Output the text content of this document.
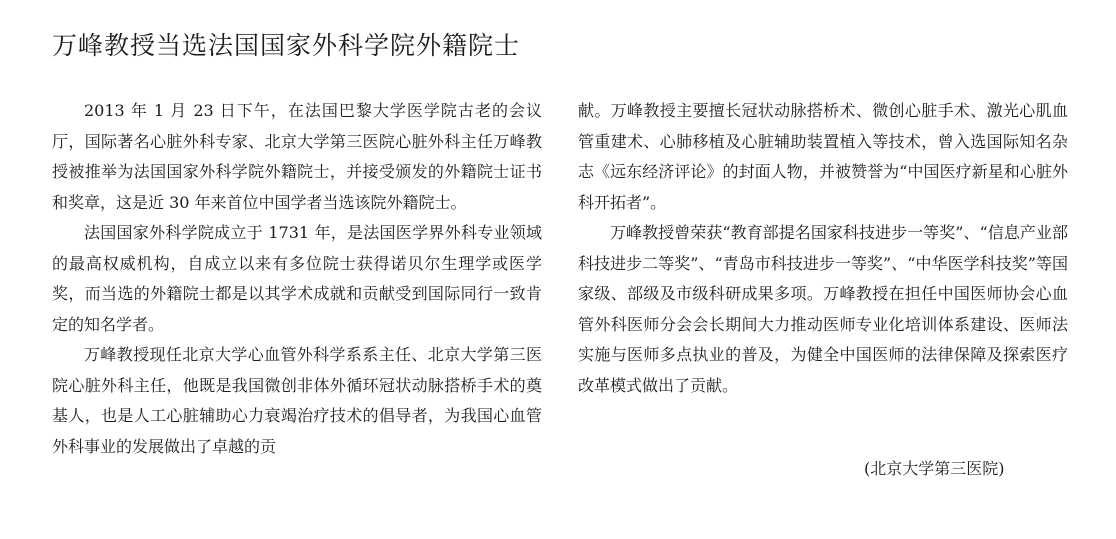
万峰教授当选法国国家外科学院外籍院士

2013 年 1 月 23 日下午，在法国巴黎大学医学院古老的会议厅，国际著名心脏外科专家、北京大学第三医院心脏外科主任万峰教授被推举为法国国家外科学院外籍院士，并接受颁发的外籍院士证书和奖章，这是近 30 年来首位中国学者当选该院外籍院士。

法国国家外科学院成立于 1731 年，是法国医学界外科专业领域的最高权威机构，自成立以来有多位院士获得诺贝尔生理学或医学奖，而当选的外籍院士都是以其学术成就和贡献受到国际同行一致肯定的知名学者。

万峰教授现任北京大学心血管外科学系系主任、北京大学第三医院心脏外科主任，他既是我国微创非体外循环冠状动脉搭桥手术的奠基人，也是人工心脏辅助心力衰竭治疗技术的倡导者，为我国心血管外科事业的发展做出了卓越的贡

献。万峰教授主要擅长冠状动脉搭桥术、微创心脏手术、激光心肌血管重建术、心肺移植及心脏辅助装置植入等技术，曾入选国际知名杂志《远东经济评论》的封面人物，并被赞誉为“中国医疗新星和心脏外科开拓者”。

万峰教授曾荣获“教育部提名国家科技进步一等奖”、“信息产业部科技进步二等奖”、“青岛市科技进步一等奖”、“中华医学科技奖”等国家级、部级及市级科研成果多项。万峰教授在担任中国医师协会心血管外科医师分会会长期间大力推动医师专业化培训体系建设、医师法实施与医师多点执业的普及，为健全中国医师的法律保障及探索医疗改革模式做出了贡献。

(北京大学第三医院)
